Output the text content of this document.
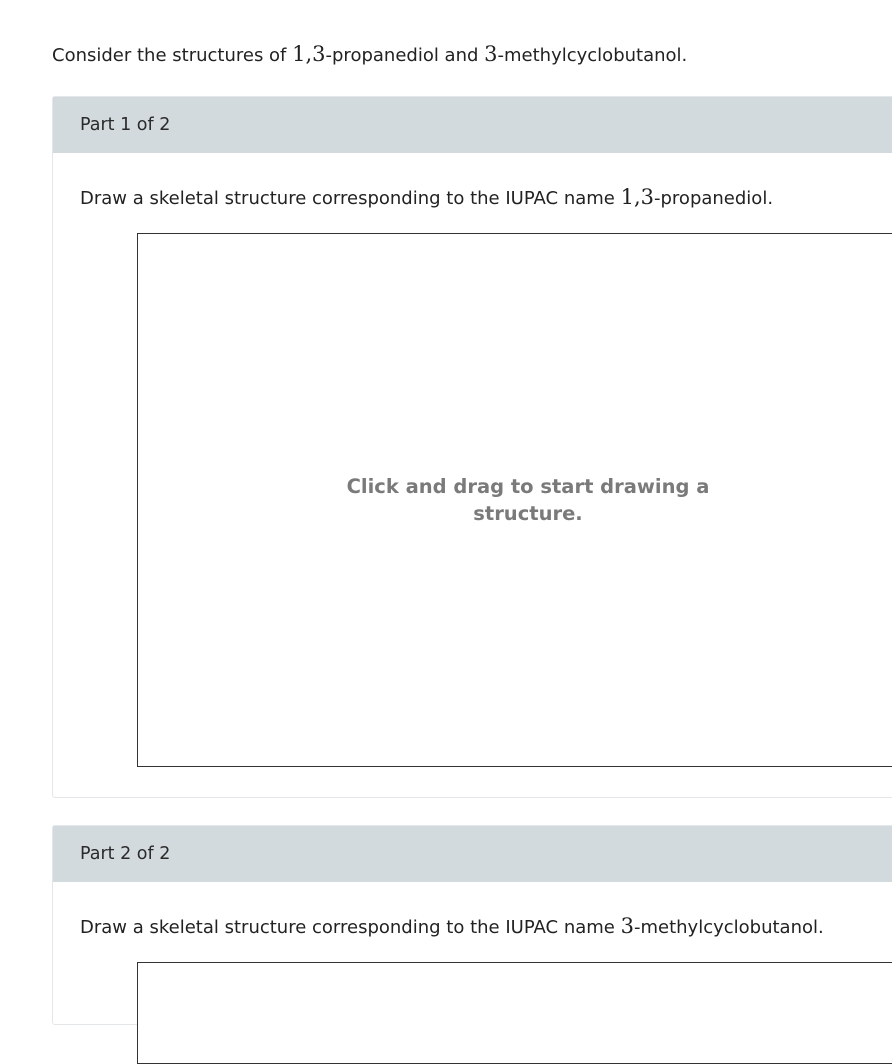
Consider the structures of 1,3-propanediol and 3-methylcyclobutanol.
Part 1 of 2
Draw a skeletal structure corresponding to the IUPAC name 1,3-propanediol.
Click and drag to start drawing a structure.
Part 2 of 2
Draw a skeletal structure corresponding to the IUPAC name 3-methylcyclobutanol.
